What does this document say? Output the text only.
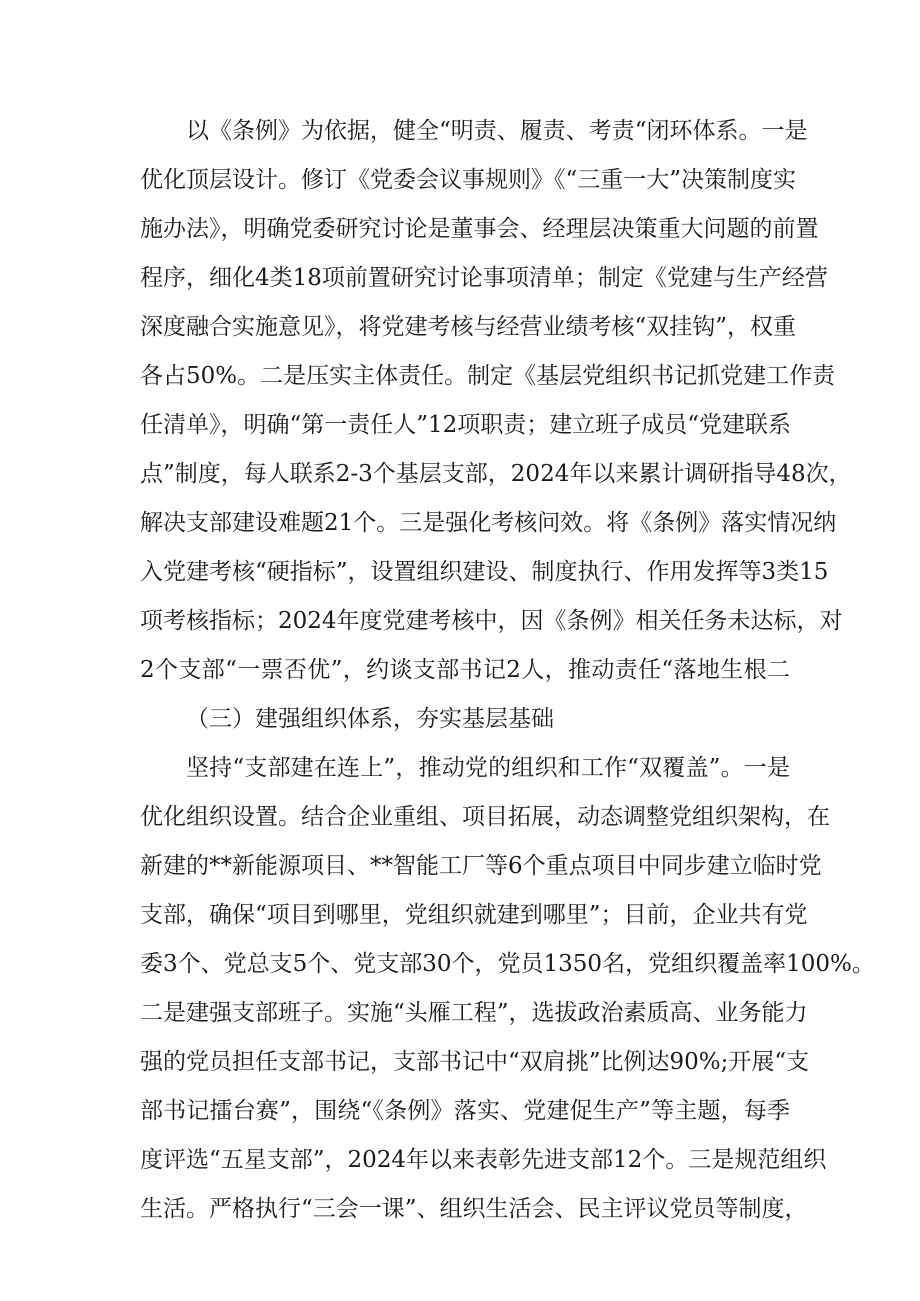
以《条例》为依据，健全“明责、履责、考责“闭环体系。一是
优化顶层设计。修订《党委会议事规则》《“三重一大”决策制度实
施办法》，明确党委研究讨论是董事会、经理层决策重大问题的前置
程序，细化4类18项前置研究讨论事项清单；制定《党建与生产经营
深度融合实施意见》，将党建考核与经营业绩考核“双挂钩”，权重
各占50%。二是压实主体责任。制定《基层党组织书记抓党建工作责
任清单》，明确“第一责任人”12项职责；建立班子成员“党建联系
点”制度，每人联系2-3个基层支部，2024年以来累计调研指导48次，
解决支部建设难题21个。三是强化考核问效。将《条例》落实情况纳
入党建考核“硬指标”，设置组织建设、制度执行、作用发挥等3类15
项考核指标；2024年度党建考核中，因《条例》相关任务未达标，对
2个支部“一票否优”，约谈支部书记2人，推动责任“落地生根二
（三）建强组织体系，夯实基层基础
坚持“支部建在连上”，推动党的组织和工作“双覆盖”。一是
优化组织设置。结合企业重组、项目拓展，动态调整党组织架构，在
新建的**新能源项目、**智能工厂等6个重点项目中同步建立临时党
支部，确保“项目到哪里，党组织就建到哪里”；目前，企业共有党
委3个、党总支5个、党支部30个，党员1350名，党组织覆盖率100%。
二是建强支部班子。实施“头雁工程”，选拔政治素质高、业务能力
强的党员担任支部书记，支部书记中“双肩挑”比例达90%;开展“支
部书记擂台赛”，围绕“《条例》落实、党建促生产”等主题，每季
度评选“五星支部”，2024年以来表彰先进支部12个。三是规范组织
生活。严格执行“三会一课”、组织生活会、民主评议党员等制度，
